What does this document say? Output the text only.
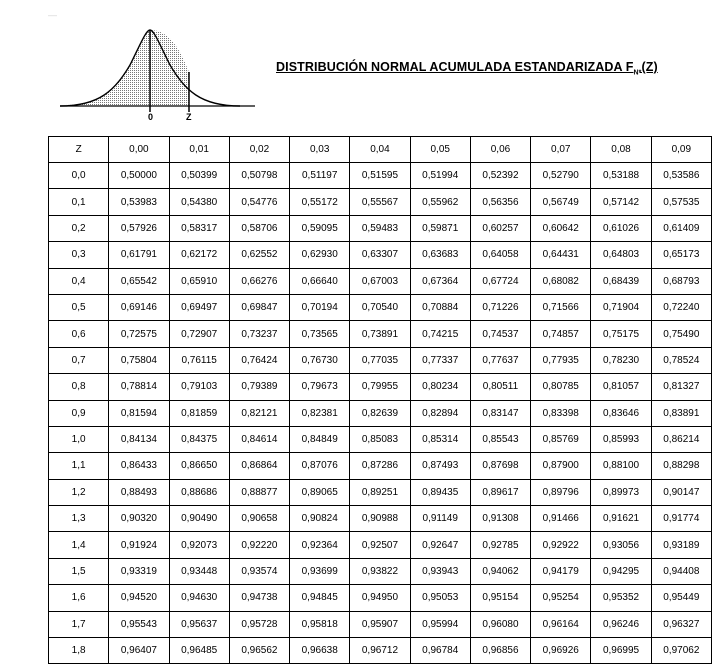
—
0	Z
DISTRIBUCIÓN NORMAL ACUMULADA ESTANDARIZADA $F_{N*}(Z)$
Z	0,00	0,01	0,02	0,03	0,04	0,05	0,06	0,07	0,08	0,09
0,0	0,50000	0,50399	0,50798	0,51197	0,51595	0,51994	0,52392	0,52790	0,53188	0,53586
0,1	0,53983	0,54380	0,54776	0,55172	0,55567	0,55962	0,56356	0,56749	0,57142	0,57535
0,2	0,57926	0,58317	0,58706	0,59095	0,59483	0,59871	0,60257	0,60642	0,61026	0,61409
0,3	0,61791	0,62172	0,62552	0,62930	0,63307	0,63683	0,64058	0,64431	0,64803	0,65173
0,4	0,65542	0,65910	0,66276	0,66640	0,67003	0,67364	0,67724	0,68082	0,68439	0,68793
0,5	0,69146	0,69497	0,69847	0,70194	0,70540	0,70884	0,71226	0,71566	0,71904	0,72240
0,6	0,72575	0,72907	0,73237	0,73565	0,73891	0,74215	0,74537	0,74857	0,75175	0,75490
0,7	0,75804	0,76115	0,76424	0,76730	0,77035	0,77337	0,77637	0,77935	0,78230	0,78524
0,8	0,78814	0,79103	0,79389	0,79673	0,79955	0,80234	0,80511	0,80785	0,81057	0,81327
0,9	0,81594	0,81859	0,82121	0,82381	0,82639	0,82894	0,83147	0,83398	0,83646	0,83891
1,0	0,84134	0,84375	0,84614	0,84849	0,85083	0,85314	0,85543	0,85769	0,85993	0,86214
1,1	0,86433	0,86650	0,86864	0,87076	0,87286	0,87493	0,87698	0,87900	0,88100	0,88298
1,2	0,88493	0,88686	0,88877	0,89065	0,89251	0,89435	0,89617	0,89796	0,89973	0,90147
1,3	0,90320	0,90490	0,90658	0,90824	0,90988	0,91149	0,91308	0,91466	0,91621	0,91774
1,4	0,91924	0,92073	0,92220	0,92364	0,92507	0,92647	0,92785	0,92922	0,93056	0,93189
1,5	0,93319	0,93448	0,93574	0,93699	0,93822	0,93943	0,94062	0,94179	0,94295	0,94408
1,6	0,94520	0,94630	0,94738	0,94845	0,94950	0,95053	0,95154	0,95254	0,95352	0,95449
1,7	0,95543	0,95637	0,95728	0,95818	0,95907	0,95994	0,96080	0,96164	0,96246	0,96327
1,8	0,96407	0,96485	0,96562	0,96638	0,96712	0,96784	0,96856	0,96926	0,96995	0,97062
